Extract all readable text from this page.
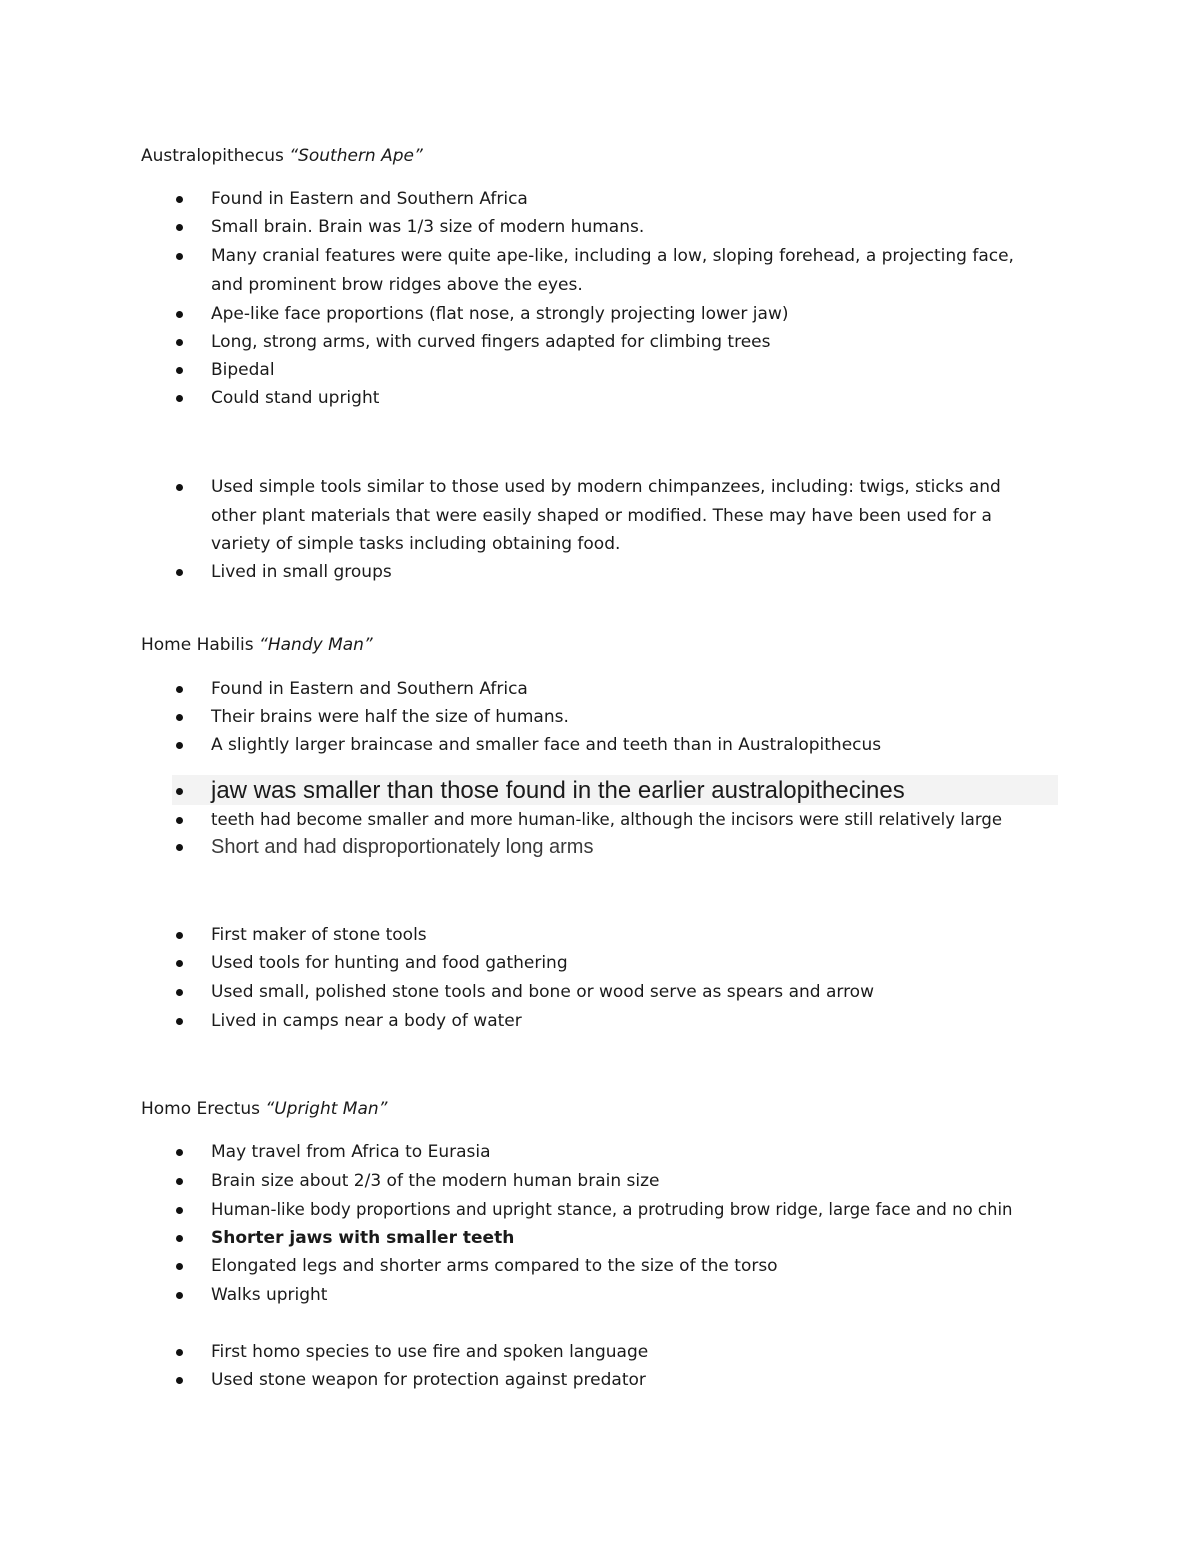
Australopithecus “Southern Ape”
Found in Eastern and Southern Africa
Small brain. Brain was 1/3 size of modern humans.
Many cranial features were quite ape-like, including a low, sloping forehead, a projecting face, and prominent brow ridges above the eyes.
Ape-like face proportions (flat nose, a strongly projecting lower jaw)
Long, strong arms, with curved fingers adapted for climbing trees
Bipedal
Could stand upright
Used simple tools similar to those used by modern chimpanzees, including: twigs, sticks and other plant materials that were easily shaped or modified. These may have been used for a variety of simple tasks including obtaining food.
Lived in small groups
Home Habilis “Handy Man”
Found in Eastern and Southern Africa
Their brains were half the size of humans.
A slightly larger braincase and smaller face and teeth than in Australopithecus
jaw was smaller than those found in the earlier australopithecines
teeth had become smaller and more human-like, although the incisors were still relatively large
Short and had disproportionately long arms
First maker of stone tools
Used tools for hunting and food gathering
Used small, polished stone tools and bone or wood serve as spears and arrow
Lived in camps near a body of water
Homo Erectus “Upright Man”
May travel from Africa to Eurasia
Brain size about 2/3 of the modern human brain size
Human-like body proportions and upright stance, a protruding brow ridge, large face and no chin
Shorter jaws with smaller teeth
Elongated legs and shorter arms compared to the size of the torso
Walks upright
First homo species to use fire and spoken language
Used stone weapon for protection against predator
